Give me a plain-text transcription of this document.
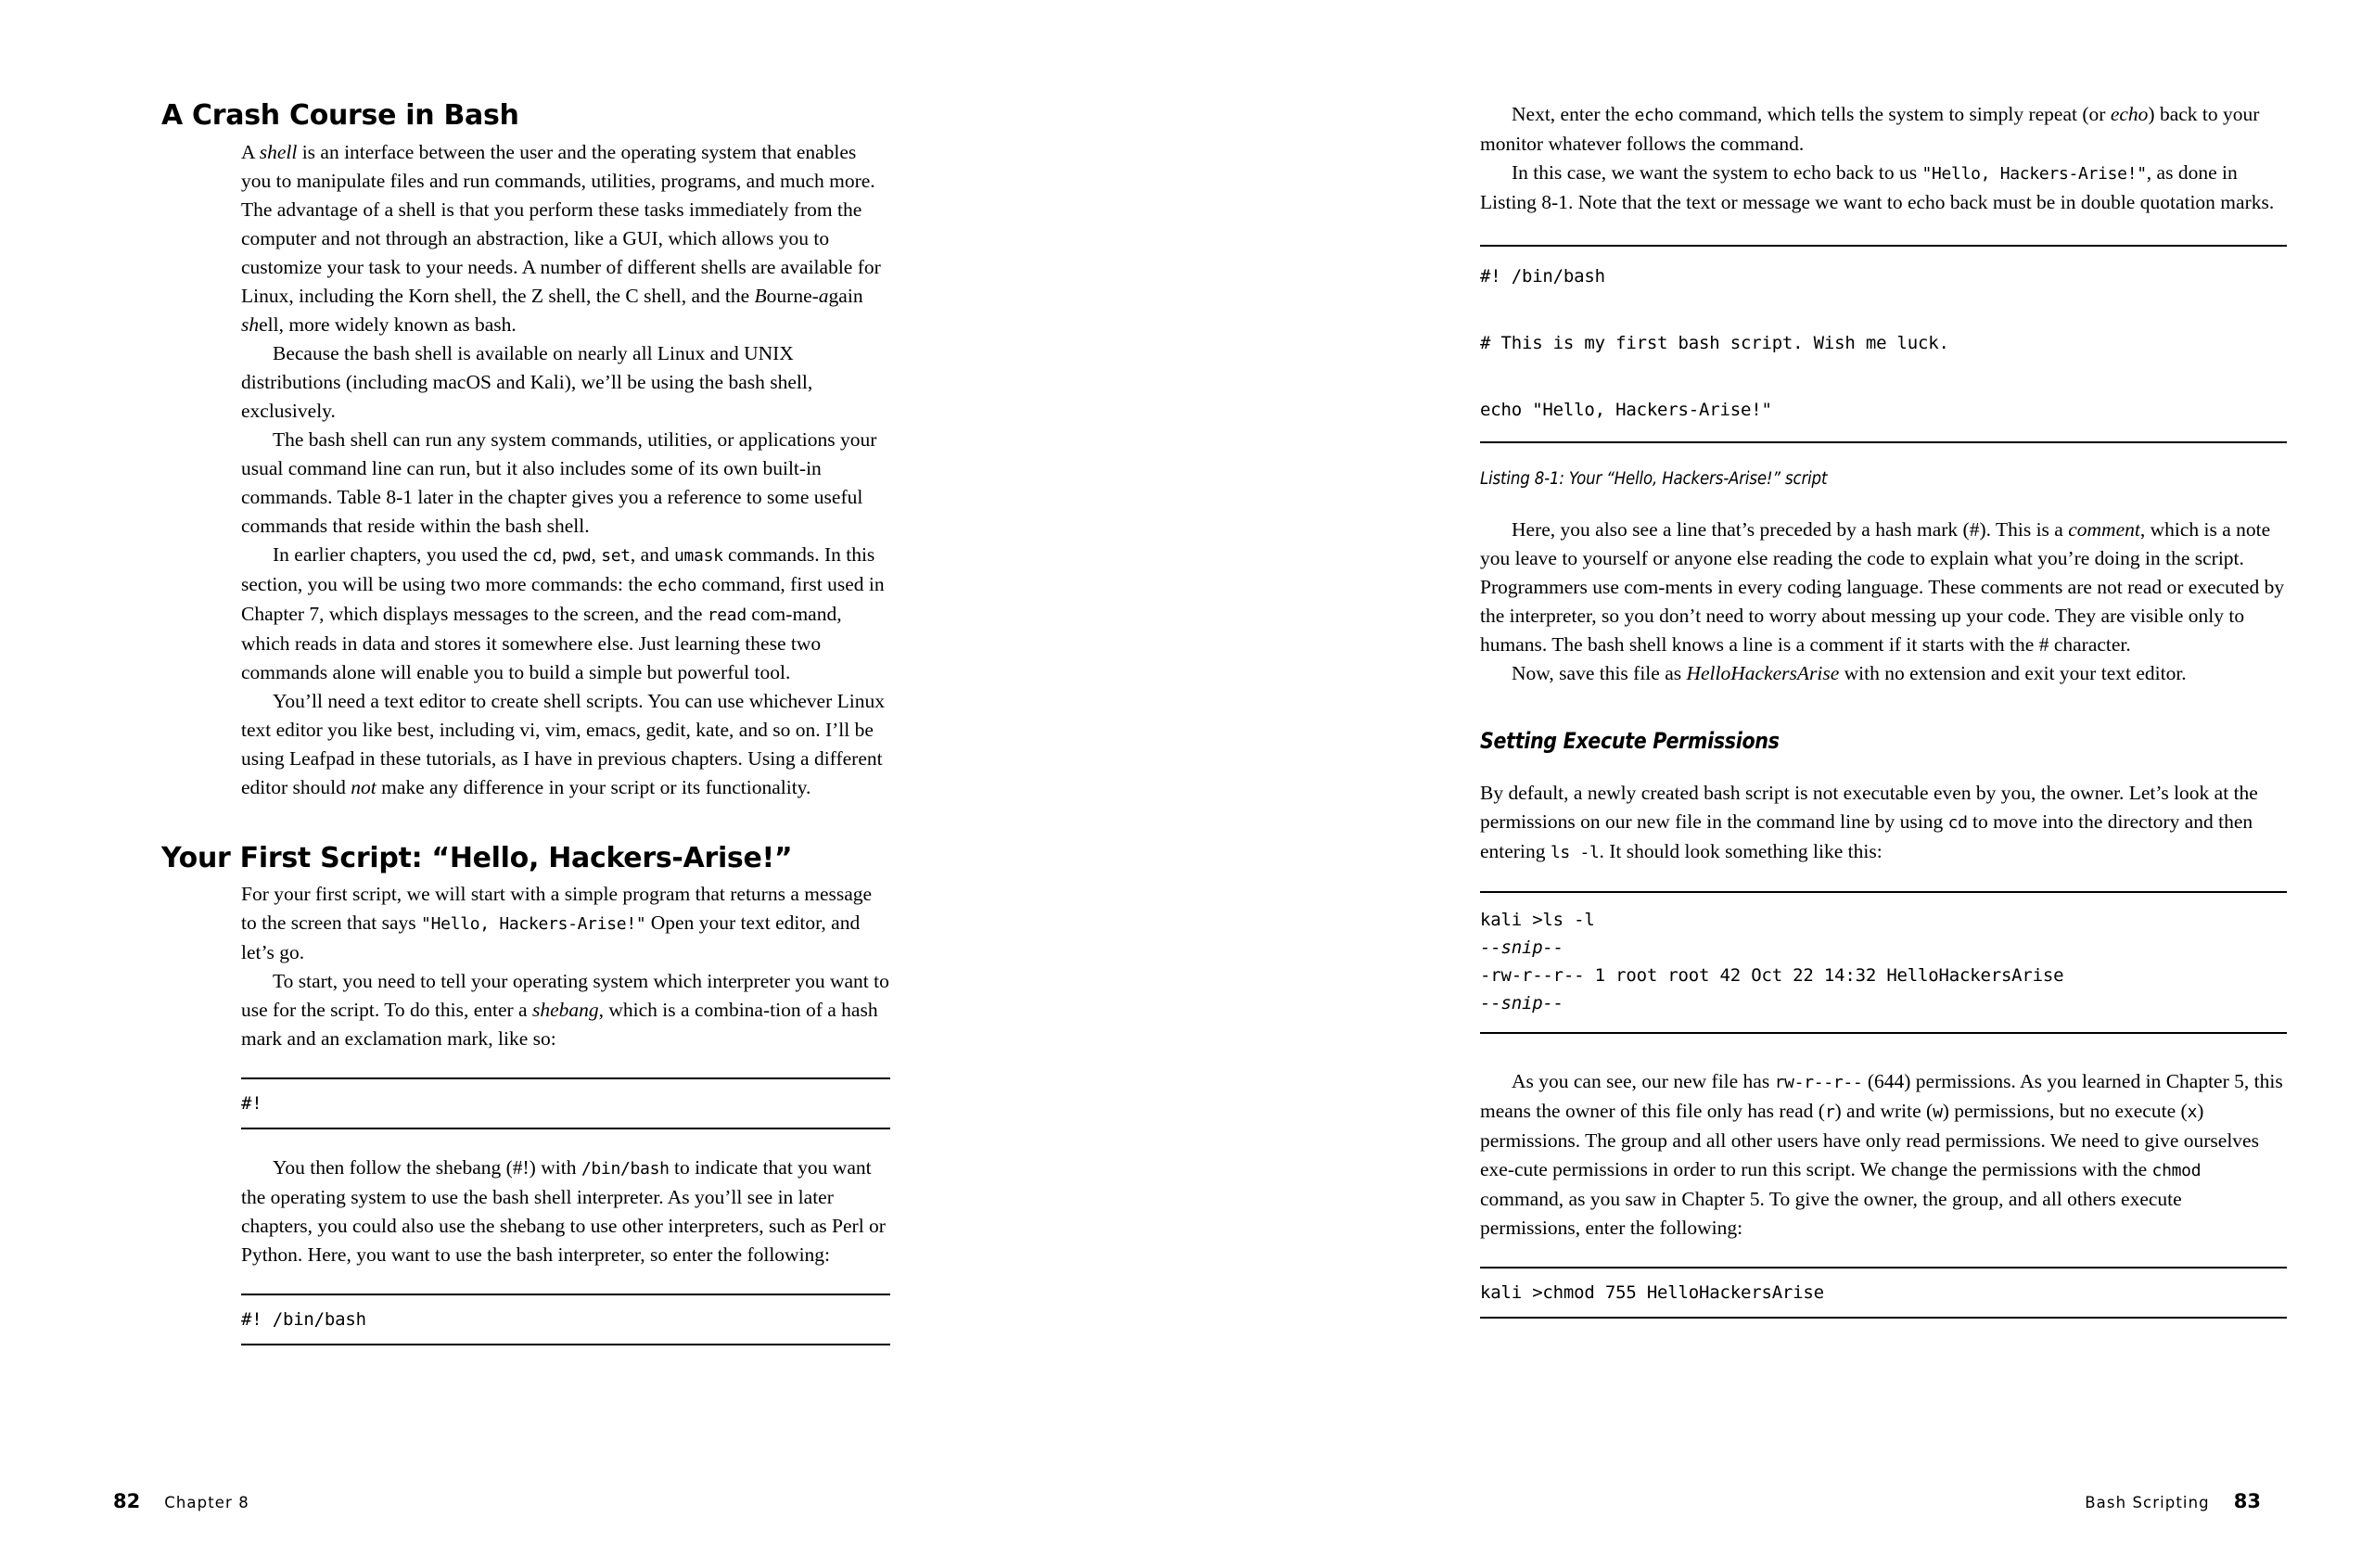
A Crash Course in Bash

A shell is an interface between the user and the operating system that enables you to manipulate files and run commands, utilities, programs, and much more. The advantage of a shell is that you perform these tasks immediately from the computer and not through an abstraction, like a GUI, which allows you to customize your task to your needs. A number of different shells are available for Linux, including the Korn shell, the Z shell, the C shell, and the Bourne-again shell, more widely known as bash.

Because the bash shell is available on nearly all Linux and UNIX distributions (including macOS and Kali), we’ll be using the bash shell, exclusively.

The bash shell can run any system commands, utilities, or applications your usual command line can run, but it also includes some of its own built-in commands. Table 8-1 later in the chapter gives you a reference to some useful commands that reside within the bash shell.

In earlier chapters, you used the cd, pwd, set, and umask commands. In this section, you will be using two more commands: the echo command, first used in Chapter 7, which displays messages to the screen, and the read com-mand, which reads in data and stores it somewhere else. Just learning these two commands alone will enable you to build a simple but powerful tool.

You’ll need a text editor to create shell scripts. You can use whichever Linux text editor you like best, including vi, vim, emacs, gedit, kate, and so on. I’ll be using Leafpad in these tutorials, as I have in previous chapters. Using a different editor should not make any difference in your script or its functionality.

Your First Script: “Hello, Hackers-Arise!”

For your first script, we will start with a simple program that returns a message to the screen that says "Hello, Hackers-Arise!" Open your text editor, and let’s go.

To start, you need to tell your operating system which interpreter you want to use for the script. To do this, enter a shebang, which is a combina-tion of a hash mark and an exclamation mark, like so:

#!

You then follow the shebang (#!) with /bin/bash to indicate that you want the operating system to use the bash shell interpreter. As you’ll see in later chapters, you could also use the shebang to use other interpreters, such as Perl or Python. Here, you want to use the bash interpreter, so enter the following:

#! /bin/bash
82 Chapter 8

Next, enter the echo command, which tells the system to simply repeat (or echo) back to your monitor whatever follows the command.

In this case, we want the system to echo back to us "Hello, Hackers-Arise!", as done in Listing 8-1. Note that the text or message we want to echo back must be in double quotation marks.

#! /bin/bash

# This is my first bash script. Wish me luck.

echo "Hello, Hackers-Arise!"
Listing 8-1: Your “Hello, Hackers-Arise!” script

Here, you also see a line that’s preceded by a hash mark (#). This is a comment, which is a note you leave to yourself or anyone else reading the code to explain what you’re doing in the script. Programmers use com-ments in every coding language. These comments are not read or executed by the interpreter, so you don’t need to worry about messing up your code. They are visible only to humans. The bash shell knows a line is a comment if it starts with the # character.

Now, save this file as HelloHackersArise with no extension and exit your text editor.

Setting Execute Permissions

By default, a newly created bash script is not executable even by you, the owner. Let’s look at the permissions on our new file in the command line by using cd to move into the directory and then entering ls -l. It should look something like this:

kali >ls -l
--snip--
-rw-r--r-- 1 root root 42 Oct 22 14:32 HelloHackersArise
--snip--

As you can see, our new file has rw-r--r-- (644) permissions. As you learned in Chapter 5, this means the owner of this file only has read (r) and write (w) permissions, but no execute (x) permissions. The group and all other users have only read permissions. We need to give ourselves exe-cute permissions in order to run this script. We change the permissions with the chmod command, as you saw in Chapter 5. To give the owner, the group, and all others execute permissions, enter the following:

kali >chmod 755 HelloHackersArise
Bash Scripting 83
